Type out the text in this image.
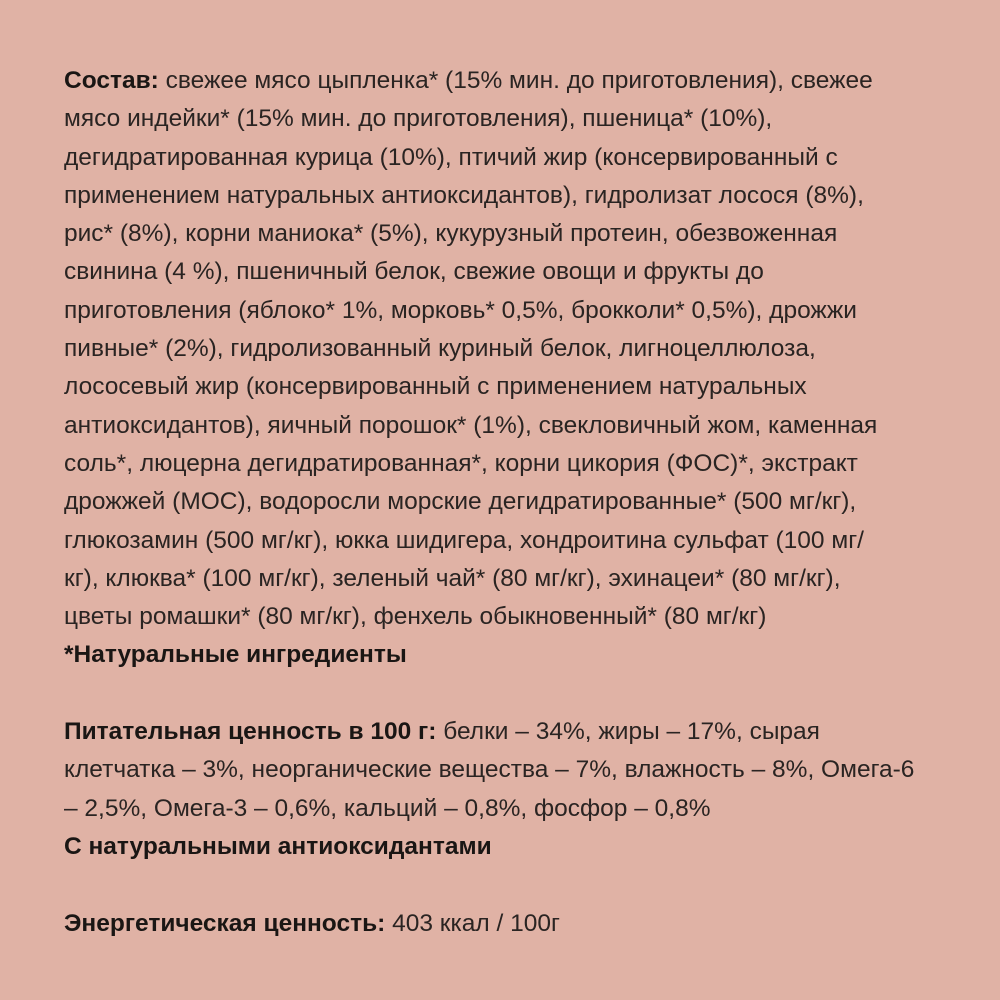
Состав: свежее мясо цыпленка* (15% мин. до приготовления), свежее
мясо индейки* (15% мин. до приготовления), пшеница* (10%),
дегидратированная курица (10%), птичий жир (консервированный с
применением натуральных антиоксидантов), гидролизат лосося (8%),
рис* (8%), корни маниока* (5%), кукурузный протеин, обезвоженная
свинина (4 %), пшеничный белок, свежие овощи и фрукты до
приготовления (яблоко* 1%, морковь* 0,5%, брокколи* 0,5%), дрожжи
пивные* (2%), гидролизованный куриный белок, лигноцеллюлоза,
лососевый жир (консервированный с применением натуральных
антиоксидантов), яичный порошок* (1%), свекловичный жом, каменная
соль*, люцерна дегидратированная*, корни цикория (ФОС)*, экстракт
дрожжей (МОС), водоросли морские дегидратированные* (500 мг/кг),
глюкозамин (500 мг/кг), юкка шидигера, хондроитина сульфат (100 мг/
кг), клюква* (100 мг/кг), зеленый чай* (80 мг/кг), эхинацеи* (80 мг/кг),
цветы ромашки* (80 мг/кг), фенхель обыкновенный* (80 мг/кг)
*Натуральные ингредиенты
Питательная ценность в 100 г: белки – 34%, жиры – 17%, сырая
клетчатка – 3%, неорганические вещества – 7%, влажность – 8%, Омега-6
– 2,5%, Омега-3 – 0,6%, кальций – 0,8%, фосфор – 0,8%
С натуральными антиоксидантами
Энергетическая ценность: 403 ккал / 100г
